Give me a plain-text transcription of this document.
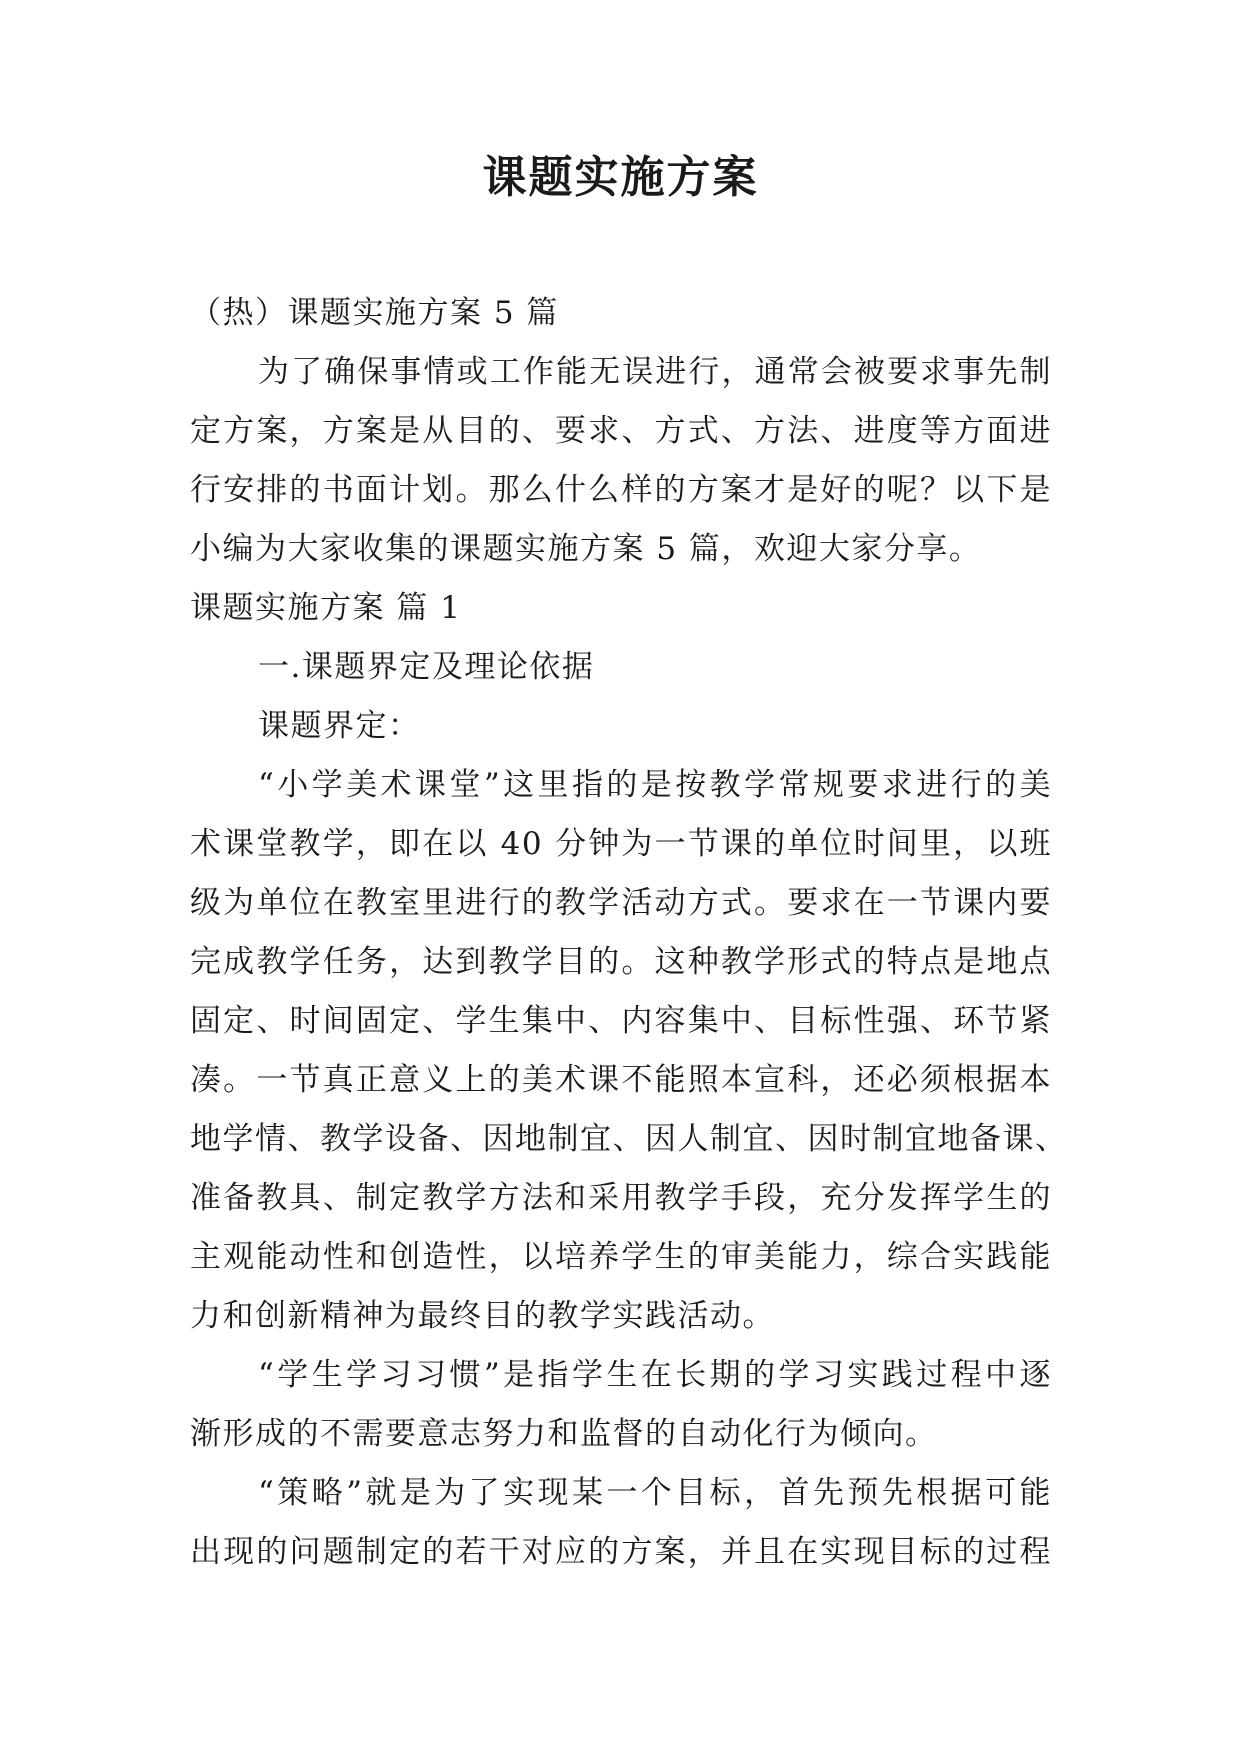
课题实施方案

（热）课题实施方案 5 篇

为了确保事情或工作能无误进行，通常会被要求事先制

定方案，方案是从目的、要求、方式、方法、进度等方面进

行安排的书面计划。那么什么样的方案才是好的呢？以下是

小编为大家收集的课题实施方案 5 篇，欢迎大家分享。

课题实施方案 篇 1

一.课题界定及理论依据

课题界定：

“小学美术课堂”这里指的是按教学常规要求进行的美

术课堂教学，即在以 40 分钟为一节课的单位时间里，以班

级为单位在教室里进行的教学活动方式。要求在一节课内要

完成教学任务，达到教学目的。这种教学形式的特点是地点

固定、时间固定、学生集中、内容集中、目标性强、环节紧

凑。一节真正意义上的美术课不能照本宣科，还必须根据本

地学情、教学设备、因地制宜、因人制宜、因时制宜地备课、

准备教具、制定教学方法和采用教学手段，充分发挥学生的

主观能动性和创造性，以培养学生的审美能力，综合实践能

力和创新精神为最终目的教学实践活动。

“学生学习习惯”是指学生在长期的学习实践过程中逐

渐形成的不需要意志努力和监督的自动化行为倾向。

“策略”就是为了实现某一个目标，首先预先根据可能

出现的问题制定的若干对应的方案，并且在实现目标的过程
